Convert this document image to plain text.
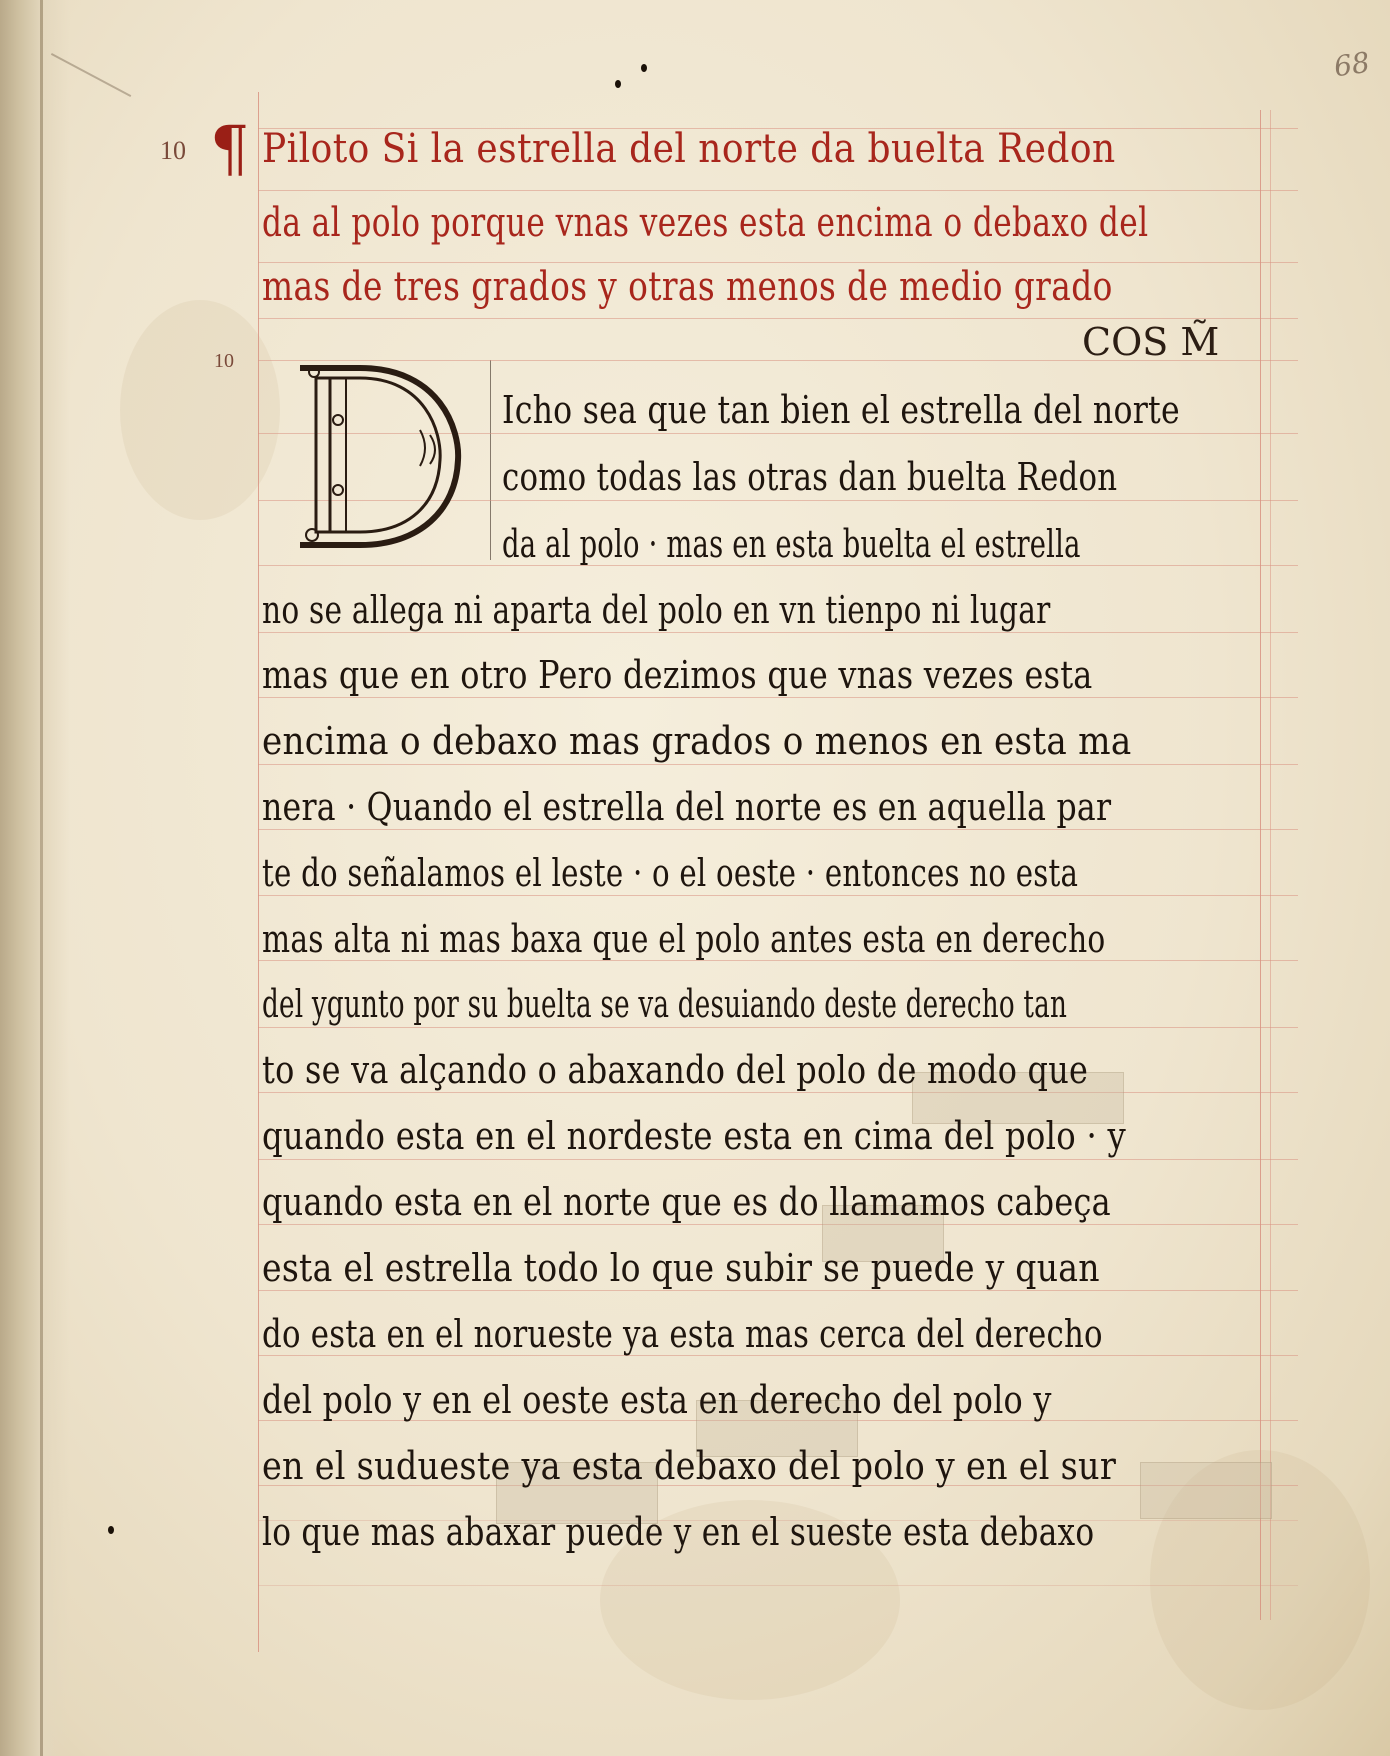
68
10
10
¶ Piloto Si la estrella del norte da buelta Redon
da al polo porque vnas vezes esta encima o debaxo del
mas de tres grados y otras menos de medio grado
COS M̃
Icho sea que tan bien el estrella del norte
como todas las otras dan buelta Redon
da al polo · mas en esta buelta el estrella
no se allega ni aparta del polo en vn tienpo ni lugar
mas que en otro Pero dezimos que vnas vezes esta
encima o debaxo mas grados o menos en esta ma
nera · Quando el estrella del norte es en aquella par
te do señalamos el leste · o el oeste · entonces no esta
mas alta ni mas baxa que el polo antes esta en derecho
del ygunto por su buelta se va desuiando deste derecho tan
to se va alçando o abaxando del polo de modo que
quando esta en el nordeste esta en cima del polo · y
quando esta en el norte que es do llamamos cabeça
esta el estrella todo lo que subir se puede y quan
do esta en el norueste ya esta mas cerca del derecho
del polo y en el oeste esta en derecho del polo y
en el sudueste ya esta debaxo del polo y en el sur
lo que mas abaxar puede y en el sueste esta debaxo
